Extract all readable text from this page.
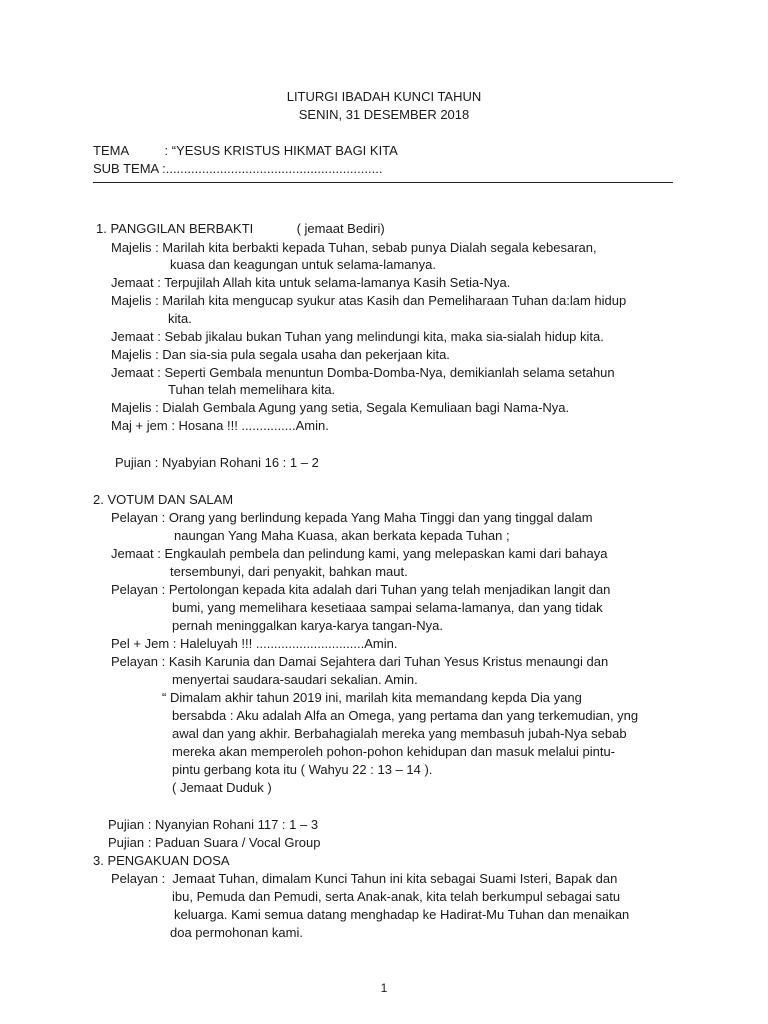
LITURGI IBADAH KUNCI TAHUN
SENIN, 31 DESEMBER 2018
TEMA          : “YESUS KRISTUS HIKMAT BAGI KITA
SUB TEMA :............................................................
1. PANGGILAN BERBAKTI            ( jemaat Bediri)
Majelis : Marilah kita berbakti kepada Tuhan, sebab punya Dialah segala kebesaran,
kuasa dan keagungan untuk selama-lamanya.
Jemaat : Terpujilah Allah kita untuk selama-lamanya Kasih Setia-Nya.
Majelis : Marilah kita mengucap syukur atas Kasih dan Pemeliharaan Tuhan da:lam hidup
kita.
Jemaat : Sebab jikalau bukan Tuhan yang melindungi kita, maka sia-sialah hidup kita.
Majelis : Dan sia-sia pula segala usaha dan pekerjaan kita.
Jemaat : Seperti Gembala menuntun Domba-Domba-Nya, demikianlah selama setahun
Tuhan telah memelihara kita.
Majelis : Dialah Gembala Agung yang setia, Segala Kemuliaan bagi Nama-Nya.
Maj + jem : Hosana !!! ...............Amin.
Pujian : Nyabyian Rohani 16 : 1 – 2
2. VOTUM DAN SALAM
Pelayan : Orang yang berlindung kepada Yang Maha Tinggi dan yang tinggal dalam
naungan Yang Maha Kuasa, akan berkata kepada Tuhan ;
Jemaat : Engkaulah pembela dan pelindung kami, yang melepaskan kami dari bahaya
tersembunyi, dari penyakit, bahkan maut.
Pelayan : Pertolongan kepada kita adalah dari Tuhan yang telah menjadikan langit dan
bumi, yang memelihara kesetiaaa sampai selama-lamanya, dan yang tidak
pernah meninggalkan karya-karya tangan-Nya.
Pel + Jem : Haleluyah !!! ..............................Amin.
Pelayan : Kasih Karunia dan Damai Sejahtera dari Tuhan Yesus Kristus menaungi dan
menyertai saudara-saudari sekalian. Amin.
“ Dimalam akhir tahun 2019 ini, marilah kita memandang kepda Dia yang
bersabda : Aku adalah Alfa an Omega, yang pertama dan yang terkemudian, yng
awal dan yang akhir. Berbahagialah mereka yang membasuh jubah-Nya sebab
mereka akan memperoleh pohon-pohon kehidupan dan masuk melalui pintu-
pintu gerbang kota itu ( Wahyu 22 : 13 – 14 ).
( Jemaat Duduk )
Pujian : Nyanyian Rohani 117 : 1 – 3
Pujian : Paduan Suara / Vocal Group
3. PENGAKUAN DOSA
Pelayan :  Jemaat Tuhan, dimalam Kunci Tahun ini kita sebagai Suami Isteri, Bapak dan
ibu, Pemuda dan Pemudi, serta Anak-anak, kita telah berkumpul sebagai satu
keluarga. Kami semua datang menghadap ke Hadirat-Mu Tuhan dan menaikan
doa permohonan kami.
1
